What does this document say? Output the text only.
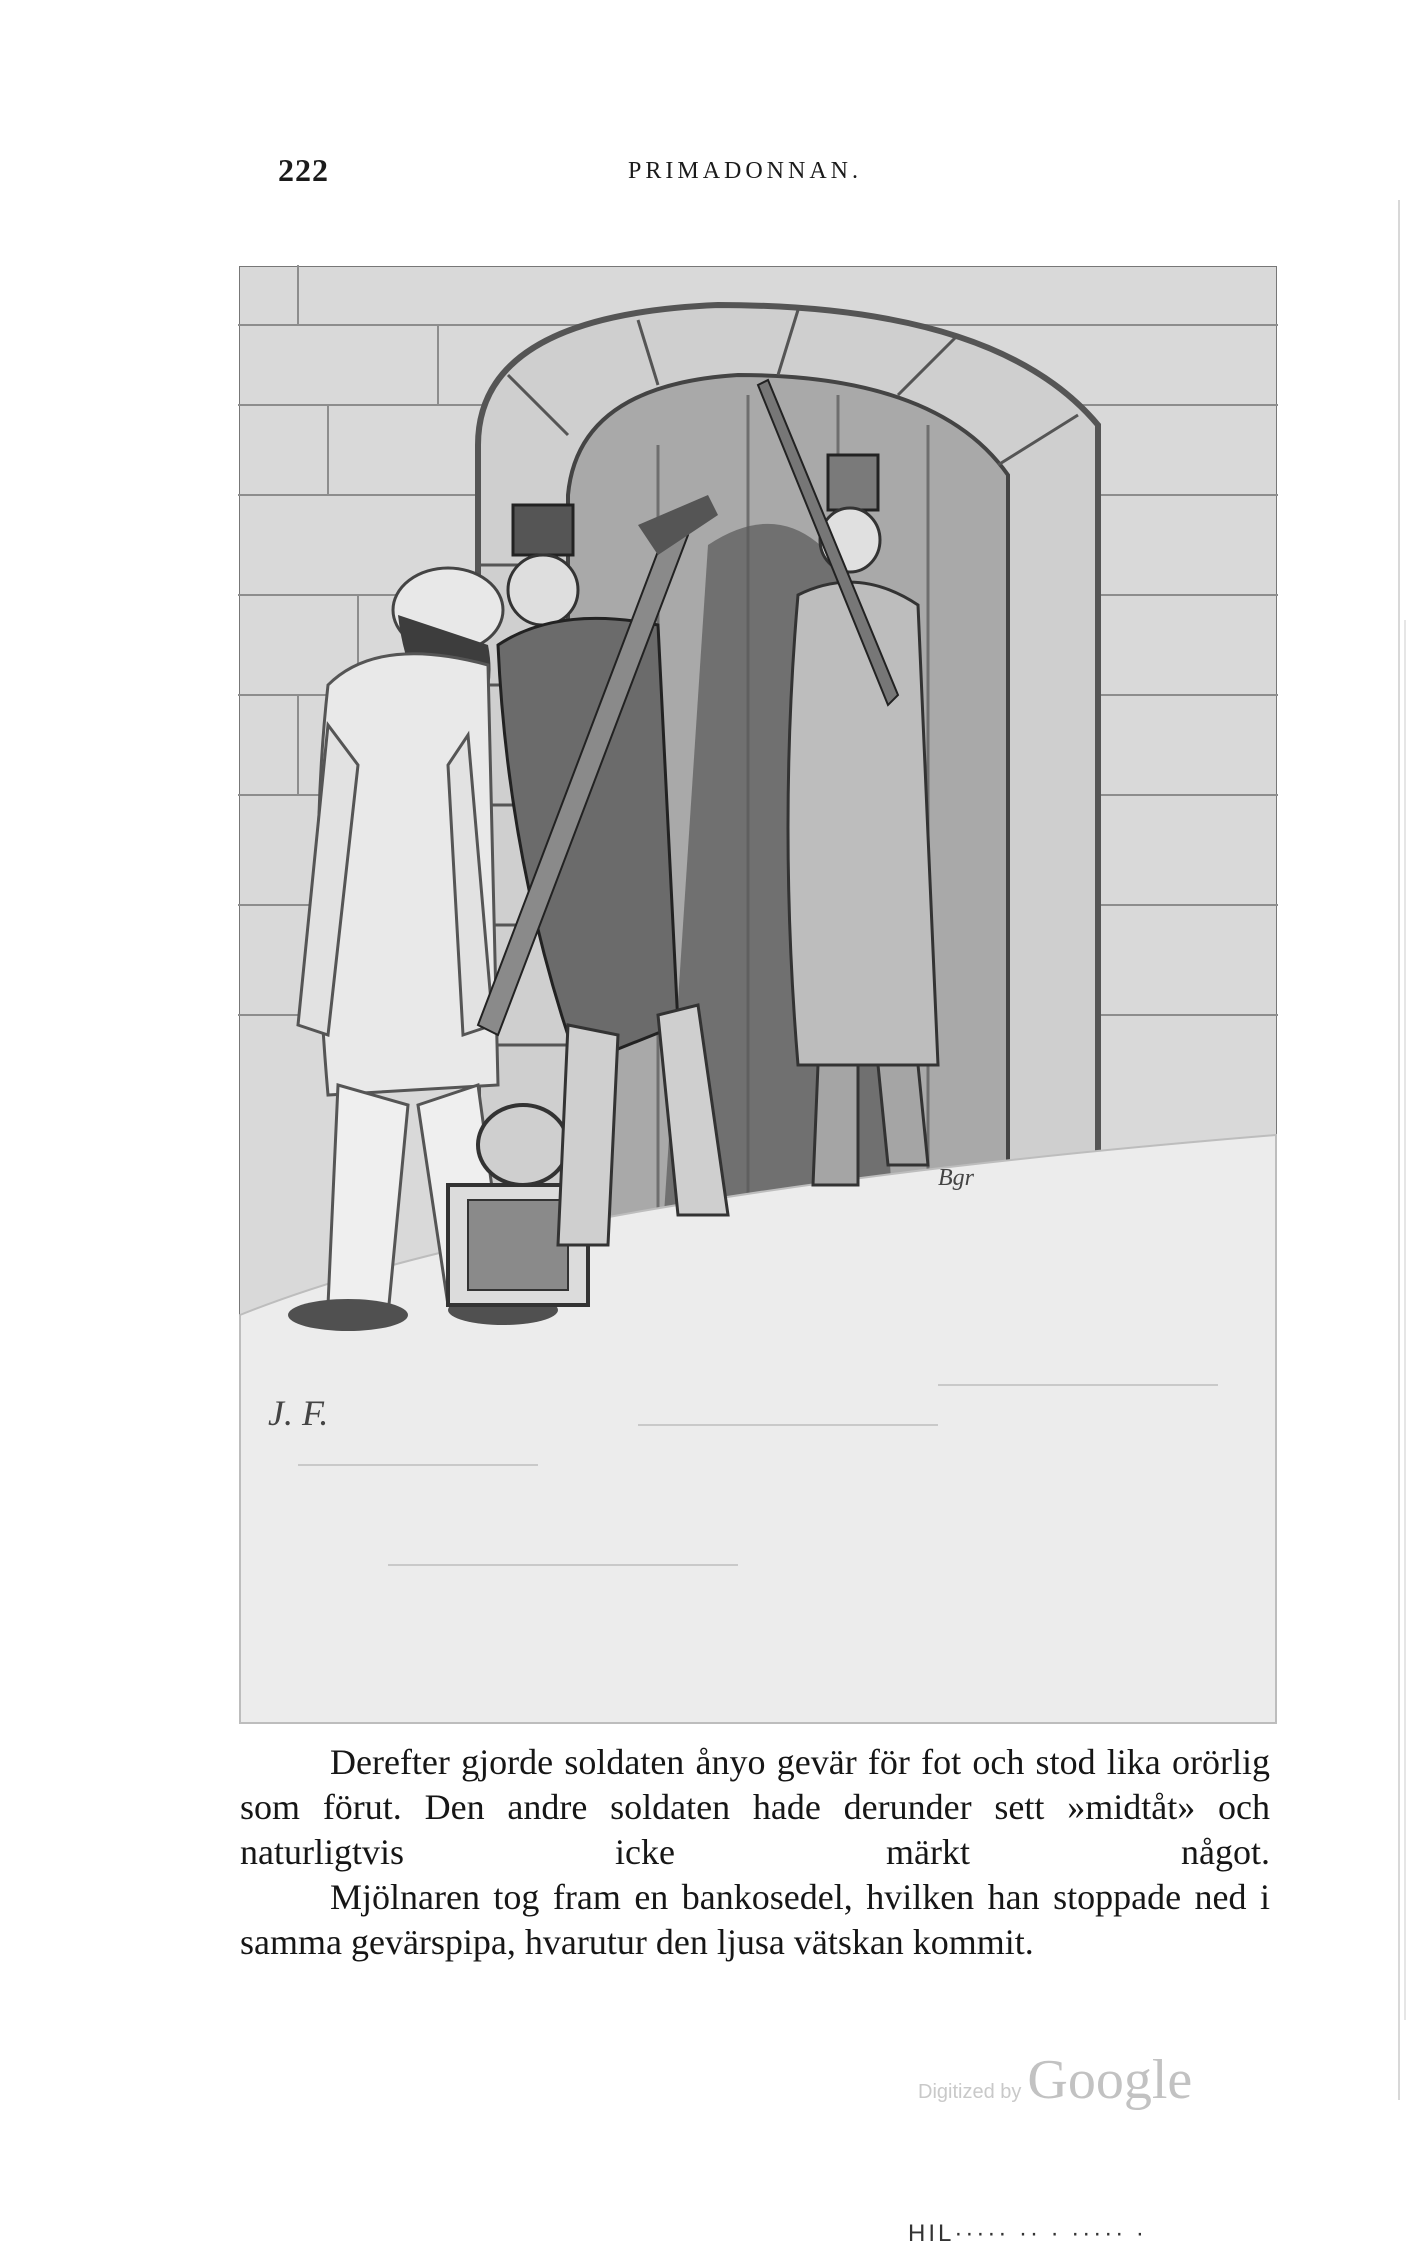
222	PRIMADONNAN.
J. F.
Bgr

Derefter gjorde soldaten ånyo gevär för fot och stod lika orörlig som förut. Den andre soldaten hade derunder sett »midtåt» och naturligtvis icke märkt något.

Mjölnaren tog fram en bankosedel, hvilken han stoppade ned i samma gevärspipa, hvarutur den ljusa vätskan kommit.

Digitized by Google
HIL····· ·· · ····· ·
